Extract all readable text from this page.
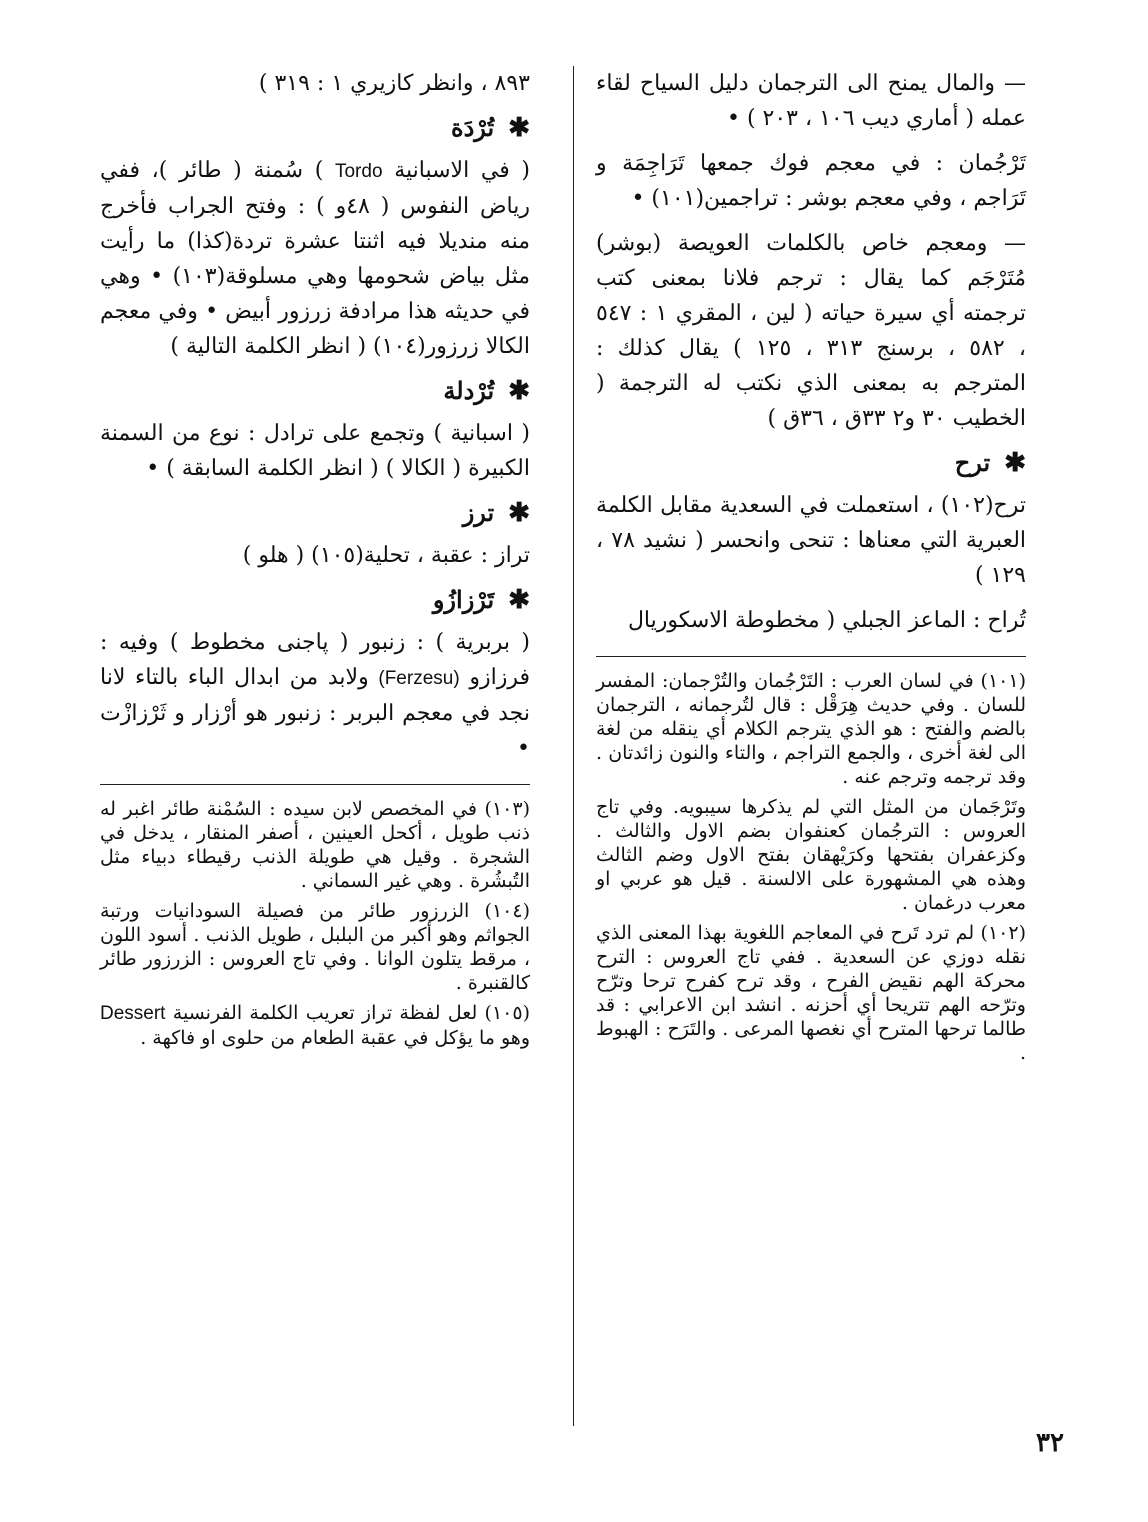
— والمال يمنح الى الترجمان دليل السياح لقاء عمله ( أماري ديب ١٠٦ ، ٢٠٣ ) •

تَرْجُمان : في معجم فوك جمعها تَرَاجِمَة و تَرَاجم ، وفي معجم بوشر : تراجمين(١٠١) •

— ومعجم خاص بالكلمات العويصة (بوشر) مُتَرْجَم كما يقال : ترجم فلانا بمعنى كتب ترجمته أي سيرة حياته ( لين ، المقري ١ : ٥٤٧ ، ٥٨٢ ، برسنج ٣١٣ ، ١٢٥ ) يقال كذلك : المترجم به بمعنى الذي نكتب له الترجمة ( الخطيب ٣٠ و٢ ٣٣ق ، ٣٦ق )

✱ترح

ترح(١٠٢) ، استعملت في السعدية مقابل الكلمة العبرية التي معناها : تنحى وانحسر ( نشيد ٧٨ ، ١٢٩ )

تُراح : الماعز الجبلي ( مخطوطة الاسكوريال

(١٠١) في لسان العرب : التَرْجُمان والتُرْجمان: المفسر للسان . وفي حديث هِرَقْل : قال لتُرجمانه ، الترجمان بالضم والفتح : هو الذي يترجم الكلام أي ينقله من لغة الى لغة أخرى ، والجمع التراجم ، والتاء والنون زائدتان . وقد ترجمه وترجم عنه .

وتَرْجَمان من المثل التي لم يذكرها سيبويه. وفي تاج العروس : الترجُمان كعنفوان بضم الاول والثالث . وكزعفران بفتحها وكرَيْهقان بفتح الاول وضم الثالث وهذه هي المشهورة على الالسنة . قيل هو عربي او معرب درغمان .

(١٠٢) لم ترد تَرح في المعاجم اللغوية بهذا المعنى الذي نقله دوزي عن السعدية . ففي تاج العروس : الترح محركة الهم نقيض الفرح ، وقد ترح كفرح ترحا وترّح وترّحه الهم تتريحا أي أحزنه . انشد ابن الاعرابي : قد طالما ترحها المترح أي نغصها المرعى . والتَرَح : الهبوط .

٨٩٣ ، وانظر كازيري ١ : ٣١٩ )

✱تُرْدَة

( في الاسبانية Tordo ) سُمنة ( طائر )، ففي رياض النفوس ( ٤٨و ) : وفتح الجراب فأخرج منه منديلا فيه اثنتا عشرة تردة(كذا) ما رأيت مثل بياض شحومها وهي مسلوقة(١٠٣) • وهي في حديثه هذا مرادفة زرزور أبيض • وفي معجم الكالا زرزور(١٠٤) ( انظر الكلمة التالية )

✱تُرْدلة

( اسبانية ) وتجمع على ترادل : نوع من السمنة الكبيرة ( الكالا ) ( انظر الكلمة السابقة ) •

✱ترز

تراز : عقبة ، تحلية(١٠٥) ( هلو )

✱تَرْزازُو

( بربرية ) : زنبور ( پاجنى مخطوط ) وفيه : فرزازو (Ferzesu) ولابد من ابدال الباء بالتاء لانا نجد في معجم البربر : زنبور هو أرْزار و ثَرْزازْت •

(١٠٣) في المخصص لابن سيده : السُمْنة طائر اغبر له ذنب طويل ، أكحل العينين ، أصفر المنقار ، يدخل في الشجرة . وقيل هي طويلة الذنب رقيطاء دبياء مثل التُبشُرة . وهي غير السماني .

(١٠٤) الزرزور طائر من فصيلة السودانيات ورتبة الجواثم وهو أكبر من البلبل ، طويل الذنب . أسود اللون ، مرقط يتلون الوانا . وفي تاج العروس : الزرزور طائر كالقنبرة .

(١٠٥) لعل لفظة تراز تعريب الكلمة الفرنسية Dessert وهو ما يؤكل في عقبة الطعام من حلوى او فاكهة .

٣٢
